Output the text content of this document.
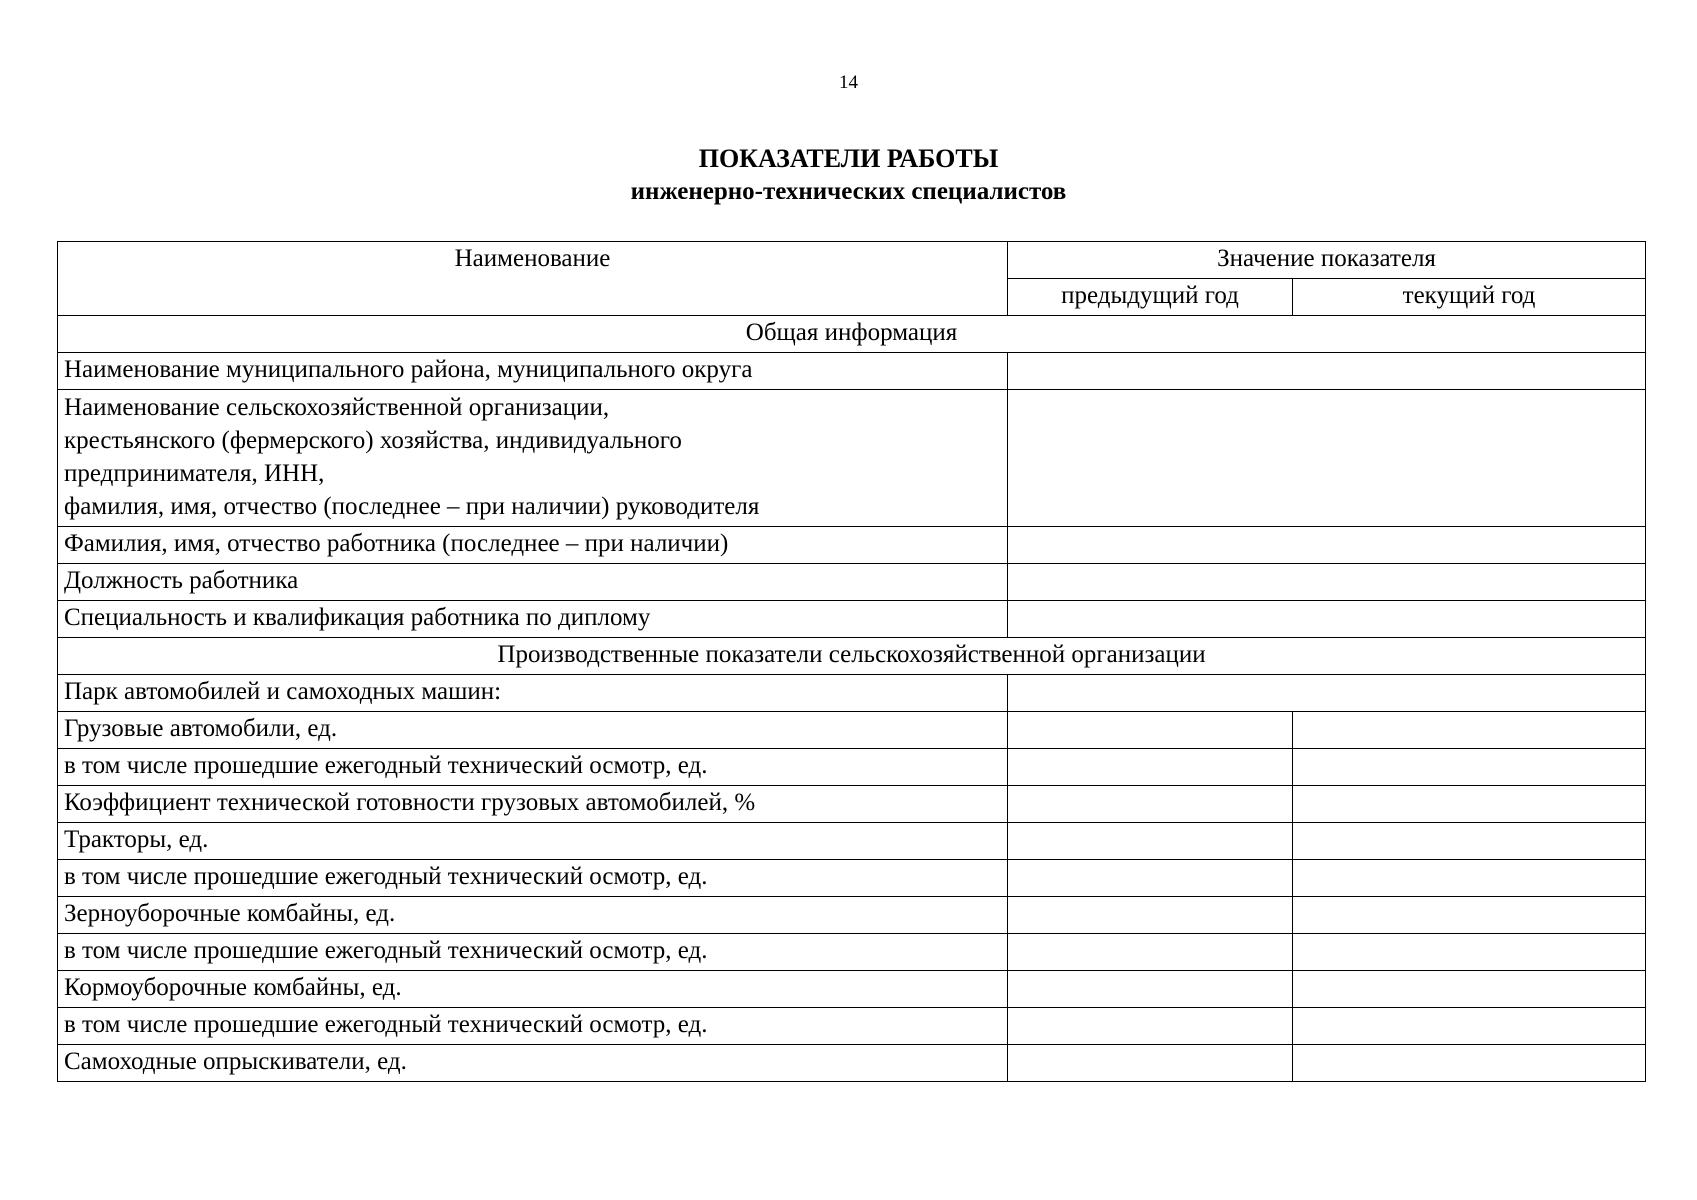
14
ПОКАЗАТЕЛИ РАБОТЫ
инженерно-технических специалистов
Наименование	Значение показателя	
	предыдущий год	текущий год
Общая информация		
Наименование муниципального района, муниципального округа		

Наименование сельскохозяйственной организации,
крестьянского (фермерского) хозяйства, индивидуального
предпринимателя, ИНН,
фамилия, имя, отчество (последнее – при наличии) руководителя		

Фамилия, имя, отчество работника (последнее – при наличии)		
Должность работника		
Специальность и квалификация работника по диплому		
Производственные показатели сельскохозяйственной организации		
Парк автомобилей и самоходных машин:		
Грузовые автомобили, ед.		
в том числе прошедшие ежегодный технический осмотр, ед.		
Коэффициент технической готовности грузовых автомобилей, %		
Тракторы, ед.		
в том числе прошедшие ежегодный технический осмотр, ед.		
Зерноуборочные комбайны, ед.		
в том числе прошедшие ежегодный технический осмотр, ед.		
Кормоуборочные комбайны, ед.		
в том числе прошедшие ежегодный технический осмотр, ед.		
Самоходные опрыскиватели, ед.		
